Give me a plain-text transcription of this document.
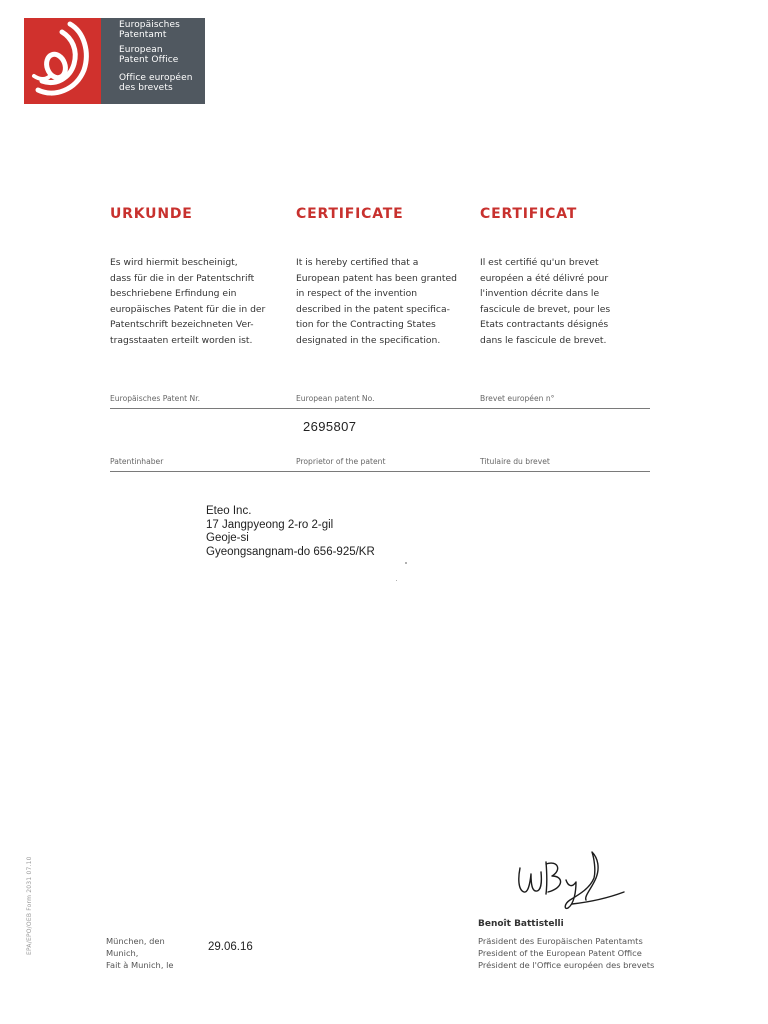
Europäisches
Patentamt
European
Patent Office
Office européen
des brevets
URKUNDE	CERTIFICATE	CERTIFICAT
Es wird hiermit bescheinigt,
dass für die in der Patentschrift
beschriebene Erfindung ein
europäisches Patent für die in der
Patentschrift bezeichneten Ver-
tragsstaaten erteilt worden ist.
It is hereby certified that a
European patent has been granted
in respect of the invention
described in the patent specifica-
tion for the Contracting States
designated in the specification.
Il est certifié qu'un brevet
européen a été délivré pour
l'invention décrite dans le
fascicule de brevet, pour les
Etats contractants désignés
dans le fascicule de brevet.
Europäisches Patent Nr.	European patent No.	Brevet européen n°
2695807
Patentinhaber	Proprietor of the patent	Titulaire du brevet
Eteo Inc.
17 Jangpyeong 2-ro 2-gil
Geoje-si
Gyeongsangnam-do 656-925/KR
EPA/EPO/OEB Form 2031 07.10	München, den
Munich,
Fait à Munich, le
29.06.16
Benoît Battistelli
Präsident des Europäischen Patentamts
President of the European Patent Office
Président de l'Office européen des brevets
